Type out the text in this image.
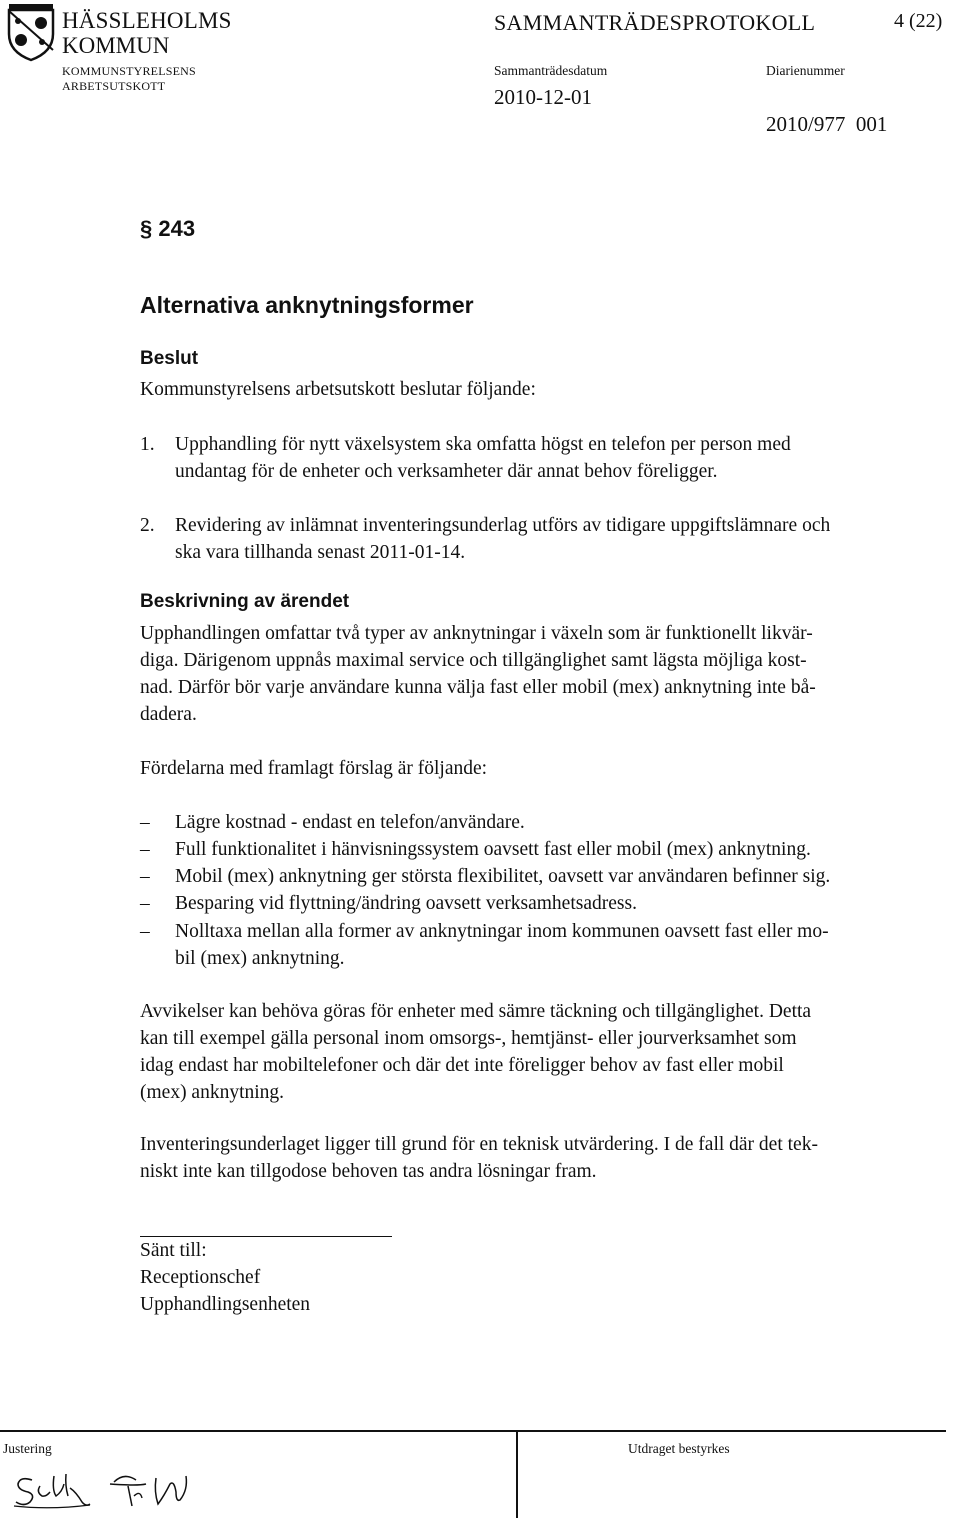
HÄSSLEHOLMS
KOMMUN
KOMMUNSTYRELSENS
ARBETSUTSKOTT
SAMMANTRÄDESPROTOKOLL	4 (22)
Sammanträdesdatum
2010-12-01
Diarienummer
2010/977  001
§ 243
Alternativa anknytningsformer
Beslut
Kommunstyrelsens arbetsutskott beslutar följande:
1. Upphandling för nytt växelsystem ska omfatta högst en telefon per person med
undantag för de enheter och verksamheter där annat behov föreligger.
2. Revidering av inlämnat inventeringsunderlag utförs av tidigare uppgiftslämnare och
ska vara tillhanda senast 2011-01-14.
Beskrivning av ärendet
Upphandlingen omfattar två typer av anknytningar i växeln som är funktionellt likvär-
diga. Därigenom uppnås maximal service och tillgänglighet samt lägsta möjliga kost-
nad. Därför bör varje användare kunna välja fast eller mobil (mex) anknytning inte bå-
dadera.
Fördelarna med framlagt förslag är följande:
– Lägre kostnad - endast en telefon/användare.
– Full funktionalitet i hänvisningssystem oavsett fast eller mobil (mex) anknytning.
– Mobil (mex) anknytning ger största flexibilitet, oavsett var användaren befinner sig.
– Besparing vid flyttning/ändring oavsett verksamhetsadress.
– Nolltaxa mellan alla former av anknytningar inom kommunen oavsett fast eller mo-
bil (mex) anknytning.
Avvikelser kan behöva göras för enheter med sämre täckning och tillgänglighet. Detta
kan till exempel gälla personal inom omsorgs-, hemtjänst- eller jourverksamhet som
idag endast har mobiltelefoner och där det inte föreligger behov av fast eller mobil
(mex) anknytning.
Inventeringsunderlaget ligger till grund för en teknisk utvärdering. I de fall där det tek-
niskt inte kan tillgodose behoven tas andra lösningar fram.
Sänt till:
Receptionschef
Upphandlingsenheten
Justering	Utdraget bestyrkes
